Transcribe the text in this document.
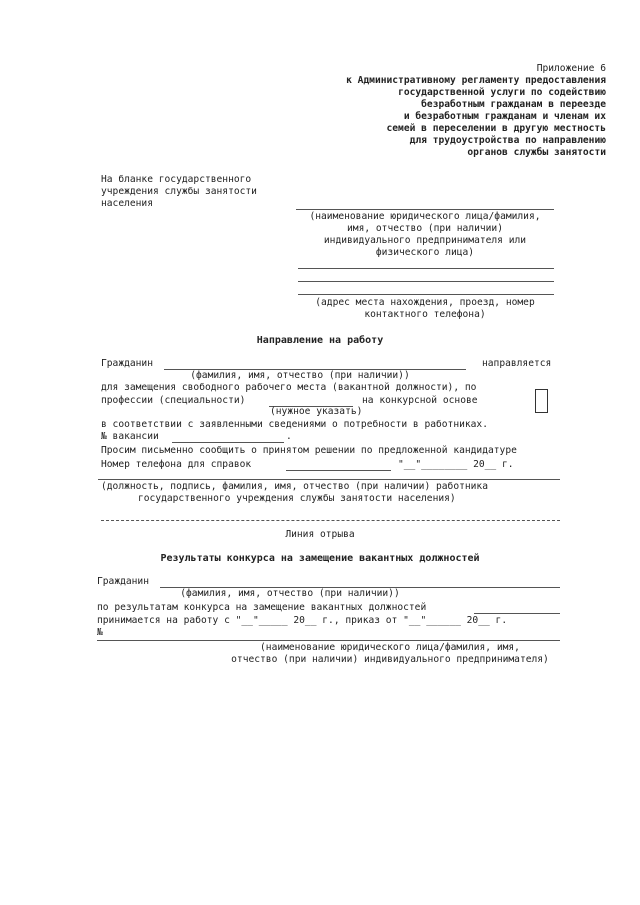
Приложение 6
к Административному регламенту предоставления
государственной услуги по содействию
безработным гражданам в переезде
и безработным гражданам и членам их
семей в переселении в другую местность
для трудоустройства по направлению
органов службы занятости
На бланке государственного
учреждения службы занятости
населения
(наименование юридического лица/фамилия,
имя, отчество (при наличии)
индивидуального предпринимателя или
физического лица)
(адрес места нахождения, проезд, номер
контактного телефона)
Направление на работу
Гражданин	направляется
(фамилия, имя, отчество (при наличии))
для замещения свободного рабочего места (вакантной должности), по
профессии (специальности)	на конкурсной основе
(нужное указать)
в соответствии с заявленными сведениями о потребности в работниках.
№ вакансии	.
Просим письменно сообщить о принятом решении по предложенной кандидатуре
Номер телефона для справок	"__"________ 20__ г.
(должность, подпись, фамилия, имя, отчество (при наличии) работника
государственного учреждения службы занятости населения)
Линия отрыва
Результаты конкурса на замещение вакантных должностей
Гражданин
(фамилия, имя, отчество (при наличии))
по результатам конкурса на замещение вакантных должностей
принимается на работу с "__"_____ 20__ г., приказ от "__"______ 20__ г.
№
(наименование юридического лица/фамилия, имя,
отчество (при наличии) индивидуального предпринимателя)
